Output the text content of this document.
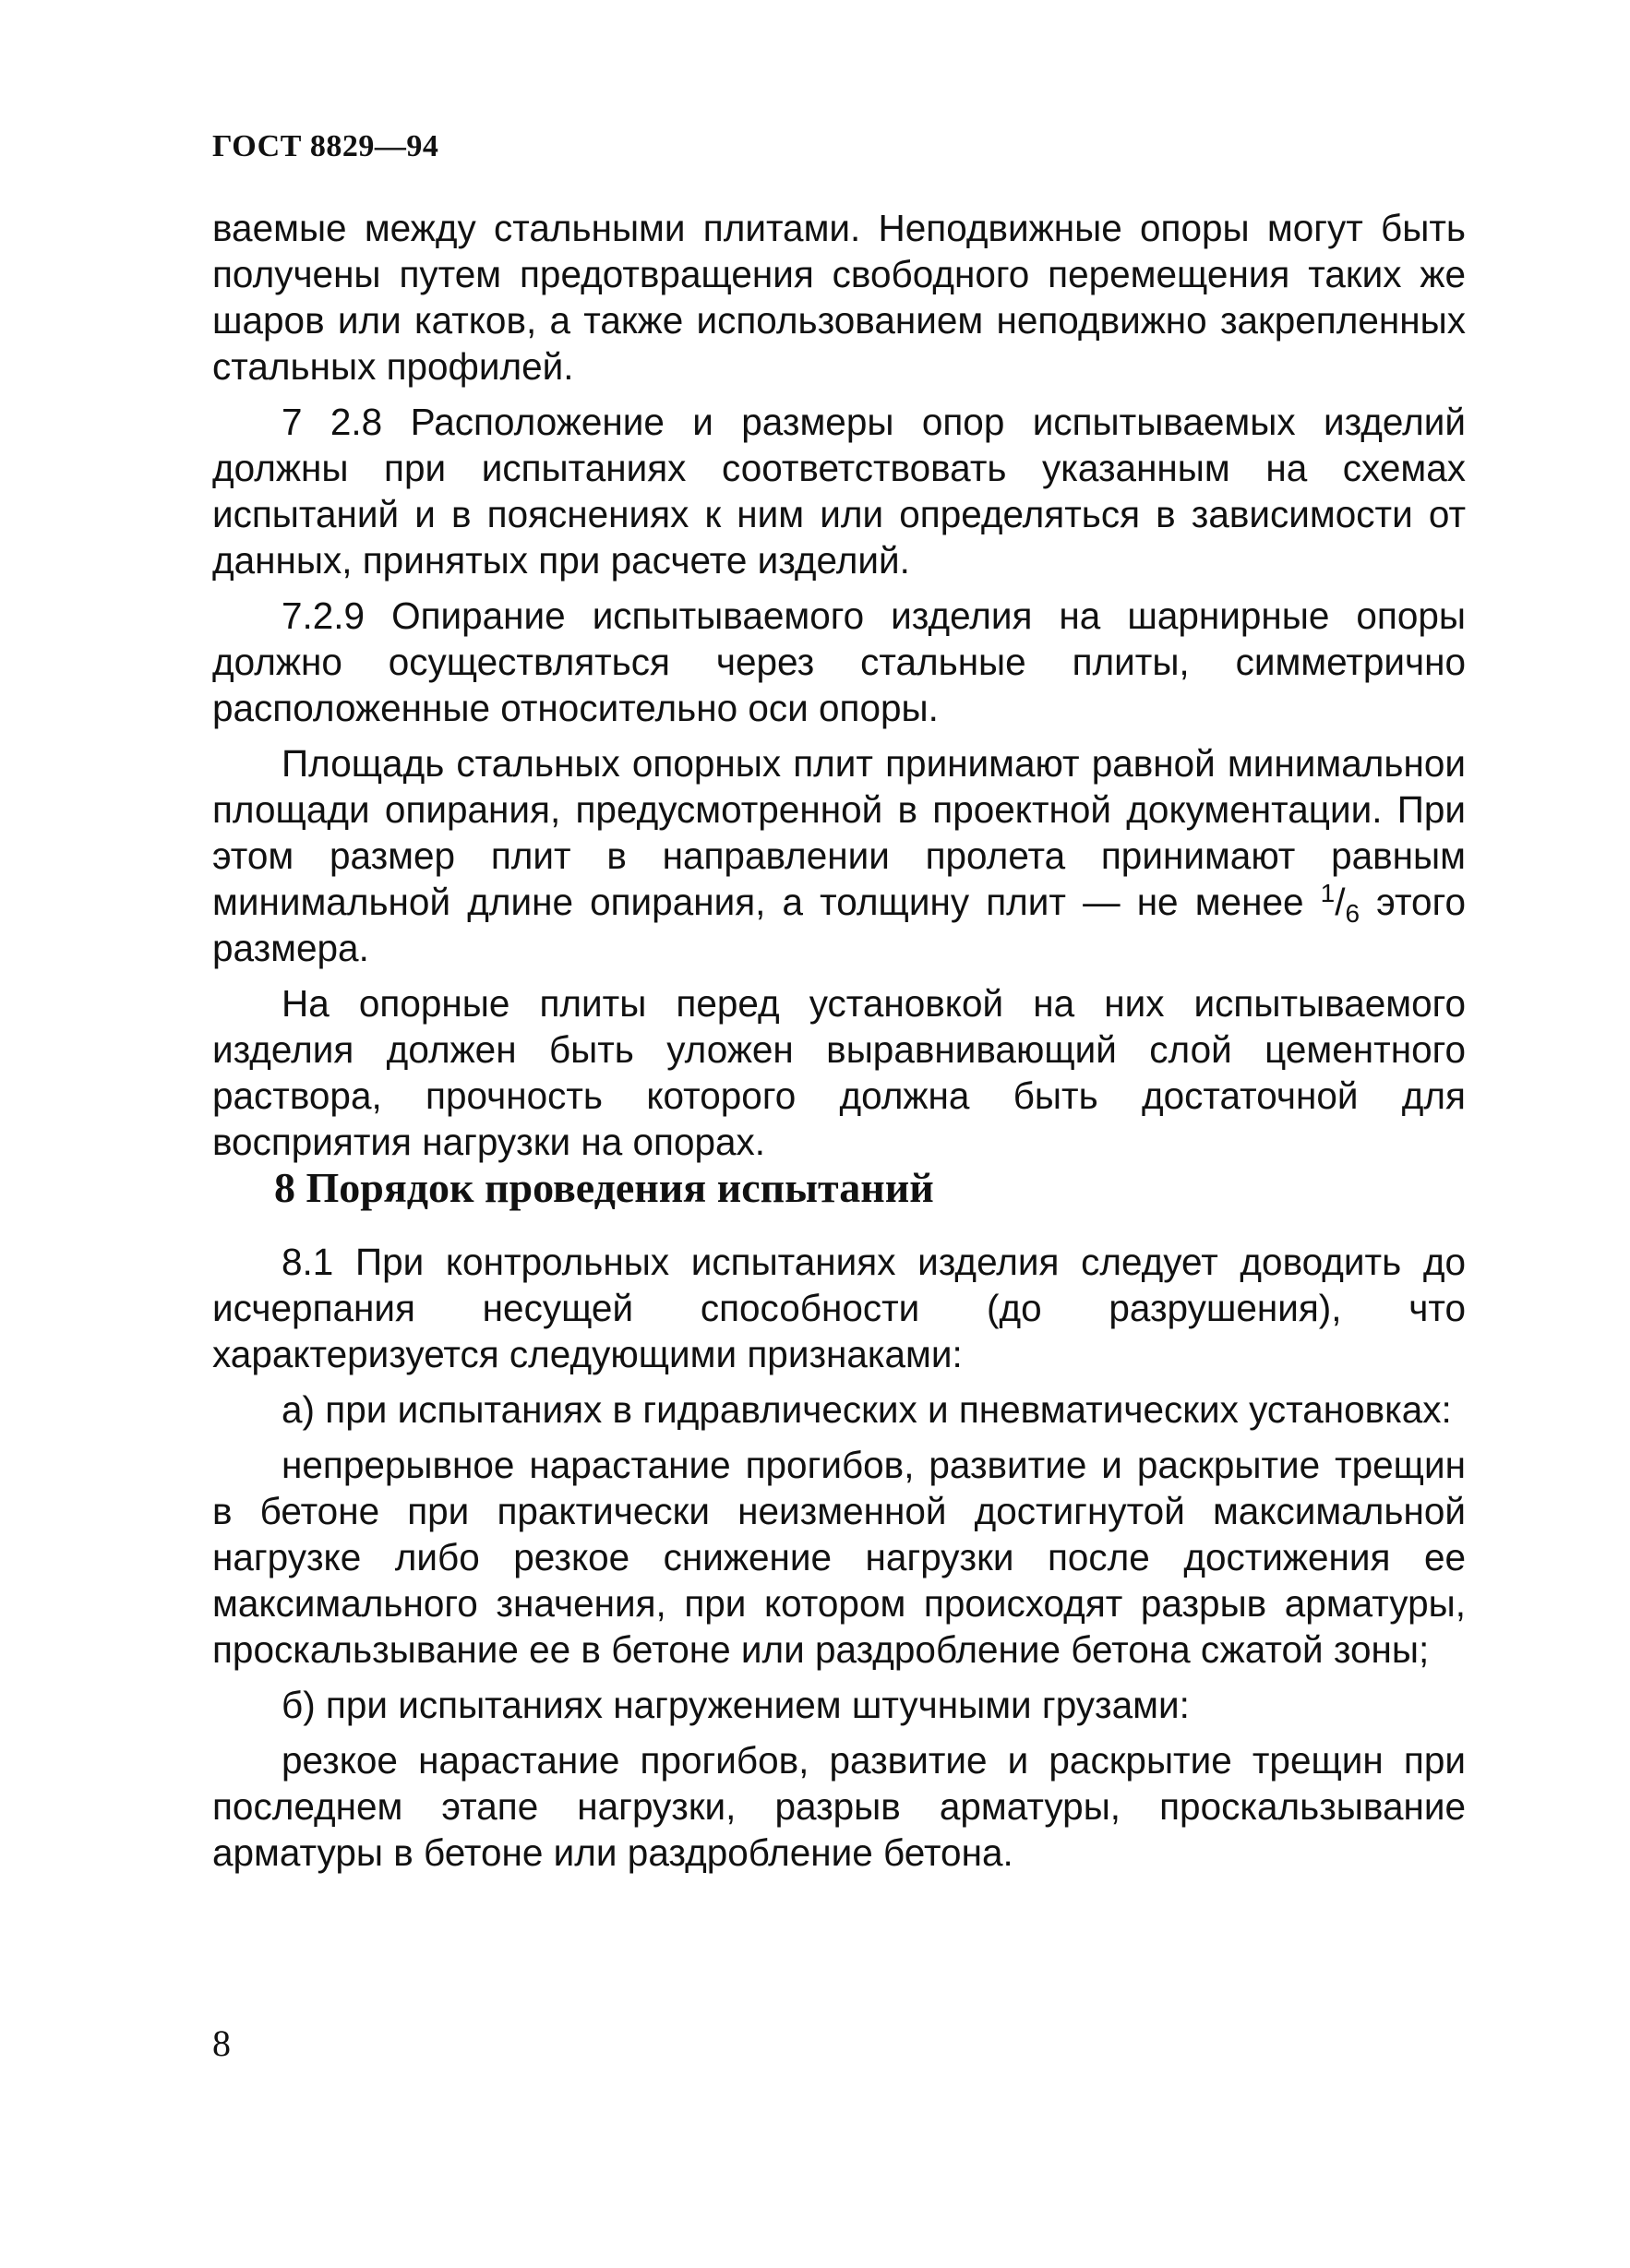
ГОСТ 8829—94

ваемые между стальными плитами. Неподвижные опоры могут быть получены путем предотвращения свободного перемещения таких же шаров или катков, а также использованием неподвижно закрепленных стальных профилей.

7 2.8 Расположение и размеры опор испытываемых изделий должны при испытаниях соответствовать указанным на схемах испытаний и в пояснениях к ним или определяться в зависимости от данных, принятых при расчете изделий.

7.2.9 Опирание испытываемого изделия на шарнирные опоры должно осуществляться через стальные плиты, симметрично расположенные относительно оси опоры.

Площадь стальных опорных плит принимают равной минимальнои площади опирания, предусмотренной в проектной документации. При этом размер плит в направлении пролета принимают равным минимальной длине опирания, а толщину плит — не менее $^1/_6$ этого размера.

На опорные плиты перед установкой на них испытываемого изделия должен быть уложен выравнивающий слой цементного раствора, прочность которого должна быть достаточной для восприятия нагрузки на опорах.

8 Порядок проведения испытаний

8.1 При контрольных испытаниях изделия следует доводить до исчерпания несущей способности (до разрушения), что характеризуется следующими признаками:

а) при испытаниях в гидравлических и пневматических установках:

непрерывное нарастание прогибов, развитие и раскрытие трещин в бетоне при практически неизменной достигнутой максимальной нагрузке либо резкое снижение нагрузки после достижения ее максимального значения, при котором происходят разрыв арматуры, проскальзывание ее в бетоне или раздробление бетона сжатой зоны;

б) при испытаниях нагружением штучными грузами:

резкое нарастание прогибов, развитие и раскрытие трещин при последнем этапе нагрузки, разрыв арматуры, проскальзывание арматуры в бетоне или раздробление бетона.

8
